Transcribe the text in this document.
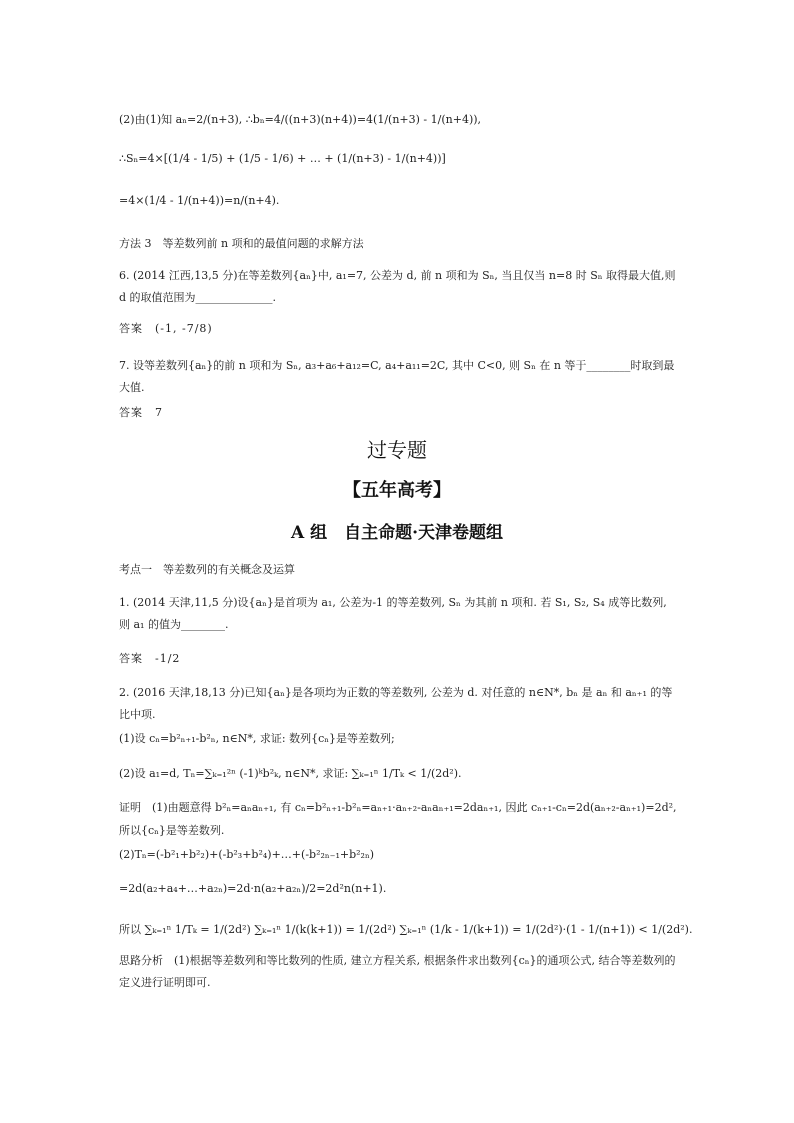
(2)由(1)知 aₙ=2/(n+3), ∴bₙ=4/((n+3)(n+4))=4(1/(n+3) - 1/(n+4)),
∴Sₙ=4×[(1/4 - 1/5) + (1/5 - 1/6) + … + (1/(n+3) - 1/(n+4))]
=4×(1/4 - 1/(n+4))=n/(n+4).
方法 3　等差数列前 n 项和的最值问题的求解方法
6. (2014 江西,13,5 分)在等差数列{aₙ}中, a₁=7, 公差为 d, 前 n 项和为 Sₙ, 当且仅当 n=8 时 Sₙ 取得最大值,则 d 的取值范围为______________.
答案　(-1, -7/8)
7. 设等差数列{aₙ}的前 n 项和为 Sₙ, a₃+a₆+a₁₂=C, a₄+a₁₁=2C, 其中 C<0, 则 Sₙ 在 n 等于________时取到最大值.
答案　7
过专题
【五年高考】
A 组　自主命题·天津卷题组
考点一　等差数列的有关概念及运算
1. (2014 天津,11,5 分)设{aₙ}是首项为 a₁, 公差为-1 的等差数列, Sₙ 为其前 n 项和. 若 S₁, S₂, S₄ 成等比数列, 则 a₁ 的值为________.
答案　-1/2
2. (2016 天津,18,13 分)已知{aₙ}是各项均为正数的等差数列, 公差为 d. 对任意的 n∈N*, bₙ 是 aₙ 和 aₙ₊₁ 的等比中项.
(1)设 cₙ=b²ₙ₊₁-b²ₙ, n∈N*, 求证: 数列{cₙ}是等差数列;
(2)设 a₁=d, Tₙ=∑ₖ₌₁²ⁿ (-1)ᵏb²ₖ, n∈N*, 求证: ∑ₖ₌₁ⁿ 1/Tₖ < 1/(2d²).
证明　(1)由题意得 b²ₙ=aₙaₙ₊₁, 有 cₙ=b²ₙ₊₁-b²ₙ=aₙ₊₁·aₙ₊₂-aₙaₙ₊₁=2daₙ₊₁, 因此 cₙ₊₁-cₙ=2d(aₙ₊₂-aₙ₊₁)=2d²,
所以{cₙ}是等差数列.
(2)Tₙ=(-b²₁+b²₂)+(-b²₃+b²₄)+…+(-b²₂ₙ₋₁+b²₂ₙ)
=2d(a₂+a₄+…+a₂ₙ)=2d·n(a₂+a₂ₙ)/2=2d²n(n+1).
所以 ∑ₖ₌₁ⁿ 1/Tₖ = 1/(2d²) ∑ₖ₌₁ⁿ 1/(k(k+1)) = 1/(2d²) ∑ₖ₌₁ⁿ (1/k - 1/(k+1)) = 1/(2d²)·(1 - 1/(n+1)) < 1/(2d²).
思路分析　(1)根据等差数列和等比数列的性质, 建立方程关系, 根据条件求出数列{cₙ}的通项公式, 结合等差数列的定义进行证明即可.
